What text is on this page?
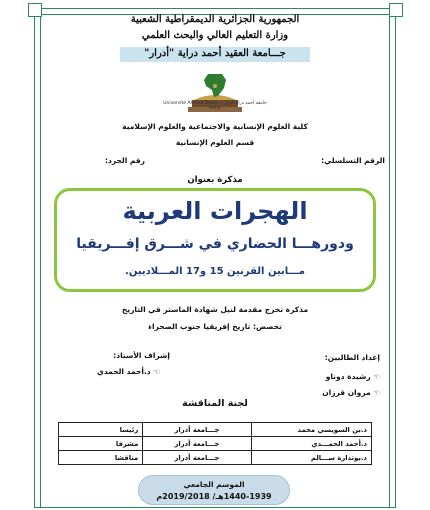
الجمهورية الجزائرية الديمقراطية الشعبية
وزارة التعليم العالي والبحث العلمي
جـــامعة العقيد أحمد دراية "أدرار"
جامعة أحمد دراية أدرار - Université Ahmed Draia - Adrar
كلية العلوم الإنسانية والاجتماعية والعلوم الإسلامية
قسم العلوم الإنسانية
الرقم التسلسلي:
رقم الجرد:
مذكرة بعنوان
الهجرات العربية
ودورهـــا الحضاري في شـــرق إفـــريقيا
مـــابين القرنين 15 و17 المـــلاديين.
مذكرة تخرج مقدمة لنيل شهادة الماستر في التاريخ
تخصص: تاريخ إفريقيا جنوب الصحراء
إعداد الطالبين:
إشراف الأستاذ:
☜ رشيدة دوناو
☜ مروان قرزان
☜ د.أحمد الحمدي
لجنة المناقشة
د.بن السويسي محمد	جـــامعة أدرار	رئيسا
د.أحمد الحمـــدي	جـــامعة أدرار	مشرفا
د.بوتدارة ســـالم	جـــامعة أدرار	مناقشا
الموسم الجامعي
1440-1939هـ/ 2019/2018م
